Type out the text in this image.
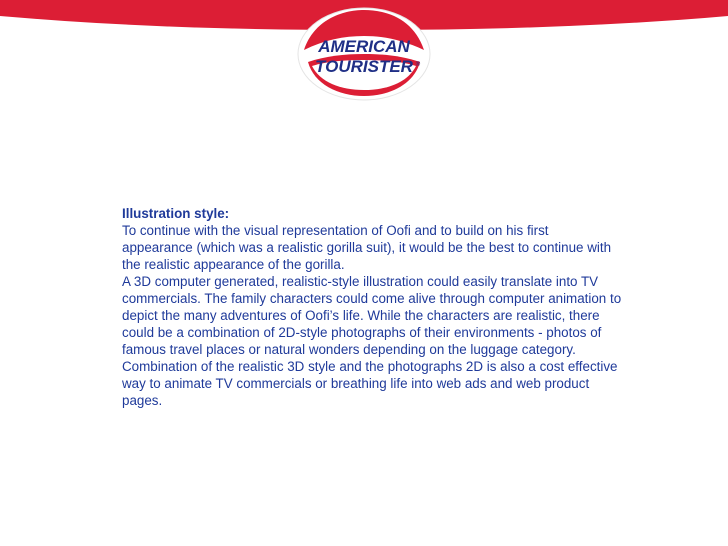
AMERICAN
TOURISTER ®
Illustration style:

To continue with the visual representation of Oofi and to build on his first appearance (which was a realistic gorilla suit), it would be the best to continue with the realistic appearance of the gorilla.

A 3D computer generated, realistic-style illustration could easily translate into TV commercials. The family characters could come alive through computer animation to depict the many adventures of Oofi’s life. While the characters are realistic, there could be a combination of 2D-style photographs of their environments - photos of famous travel places or natural wonders depending on the luggage category. Combination of the realistic 3D style and the photographs 2D is also a cost effective way to animate TV commercials or breathing life into web ads and web product pages.
